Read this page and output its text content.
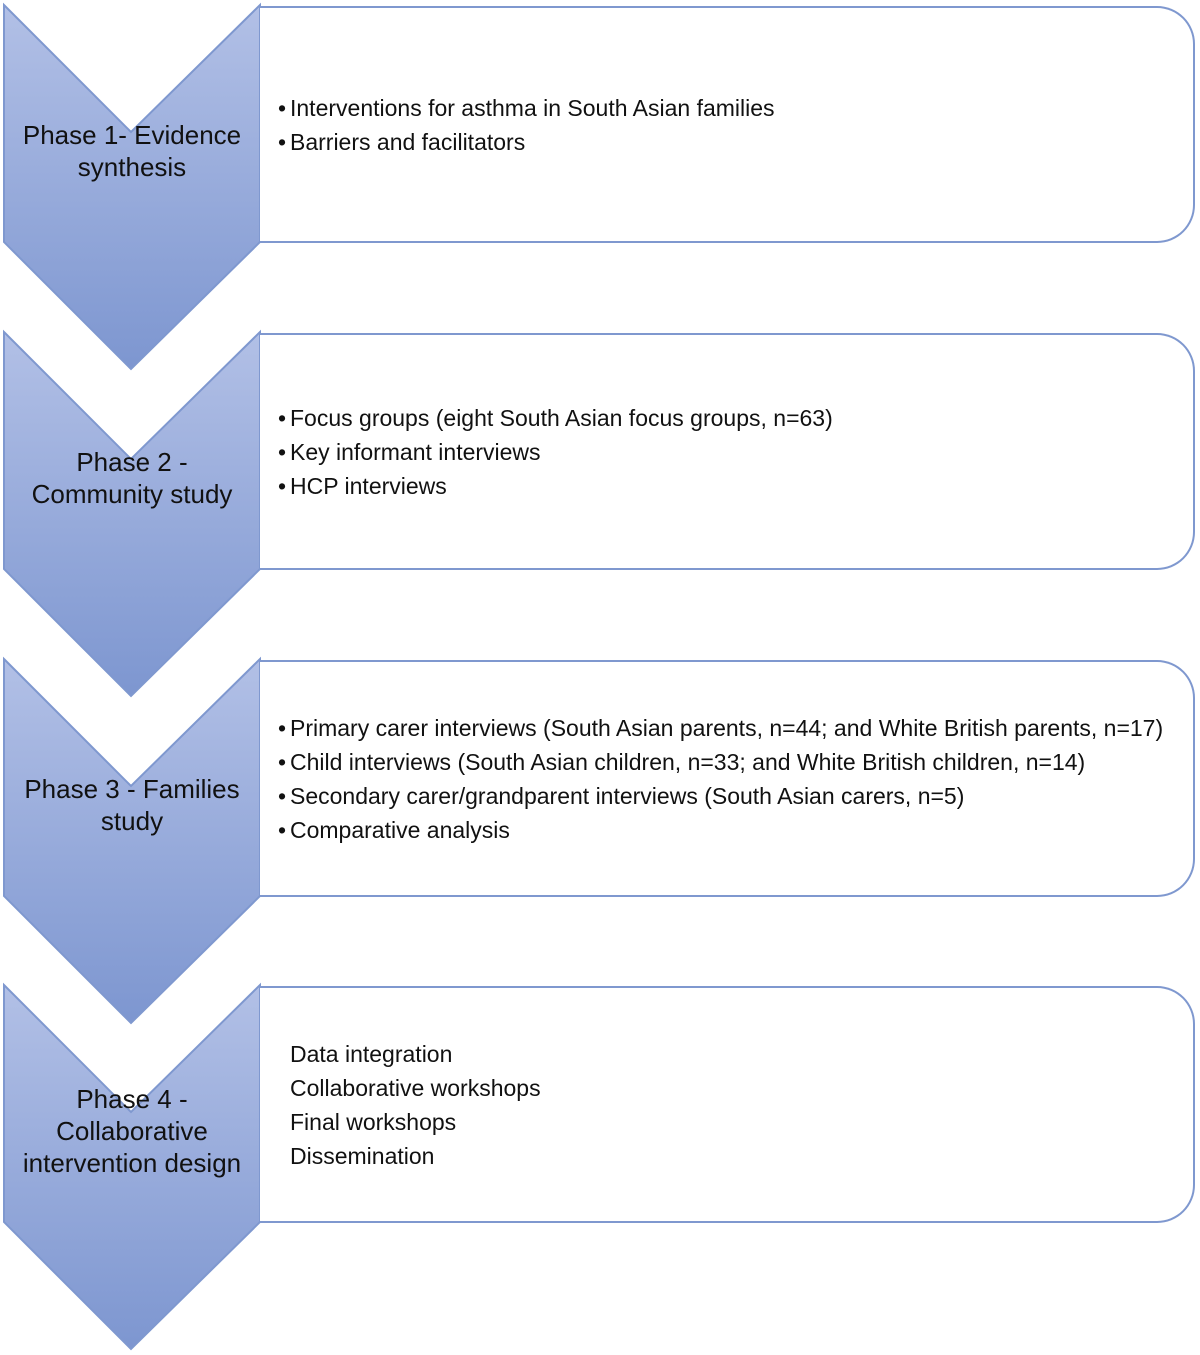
Phase 1- Evidence
synthesis
• Interventions for asthma in South Asian families
• Barriers and facilitators
Phase 2 -
Community study
• Focus groups (eight South Asian focus groups, n=63)
• Key informant interviews
• HCP interviews
Phase 3 - Families
study
• Primary carer interviews (South Asian parents, n=44; and White British parents, n=17)
• Child interviews (South Asian children, n=33; and White British children, n=14)
• Secondary carer/grandparent interviews (South Asian carers, n=5)
• Comparative analysis
Phase 4 -
Collaborative
intervention design
Data integration
Collaborative workshops
Final workshops
Dissemination
